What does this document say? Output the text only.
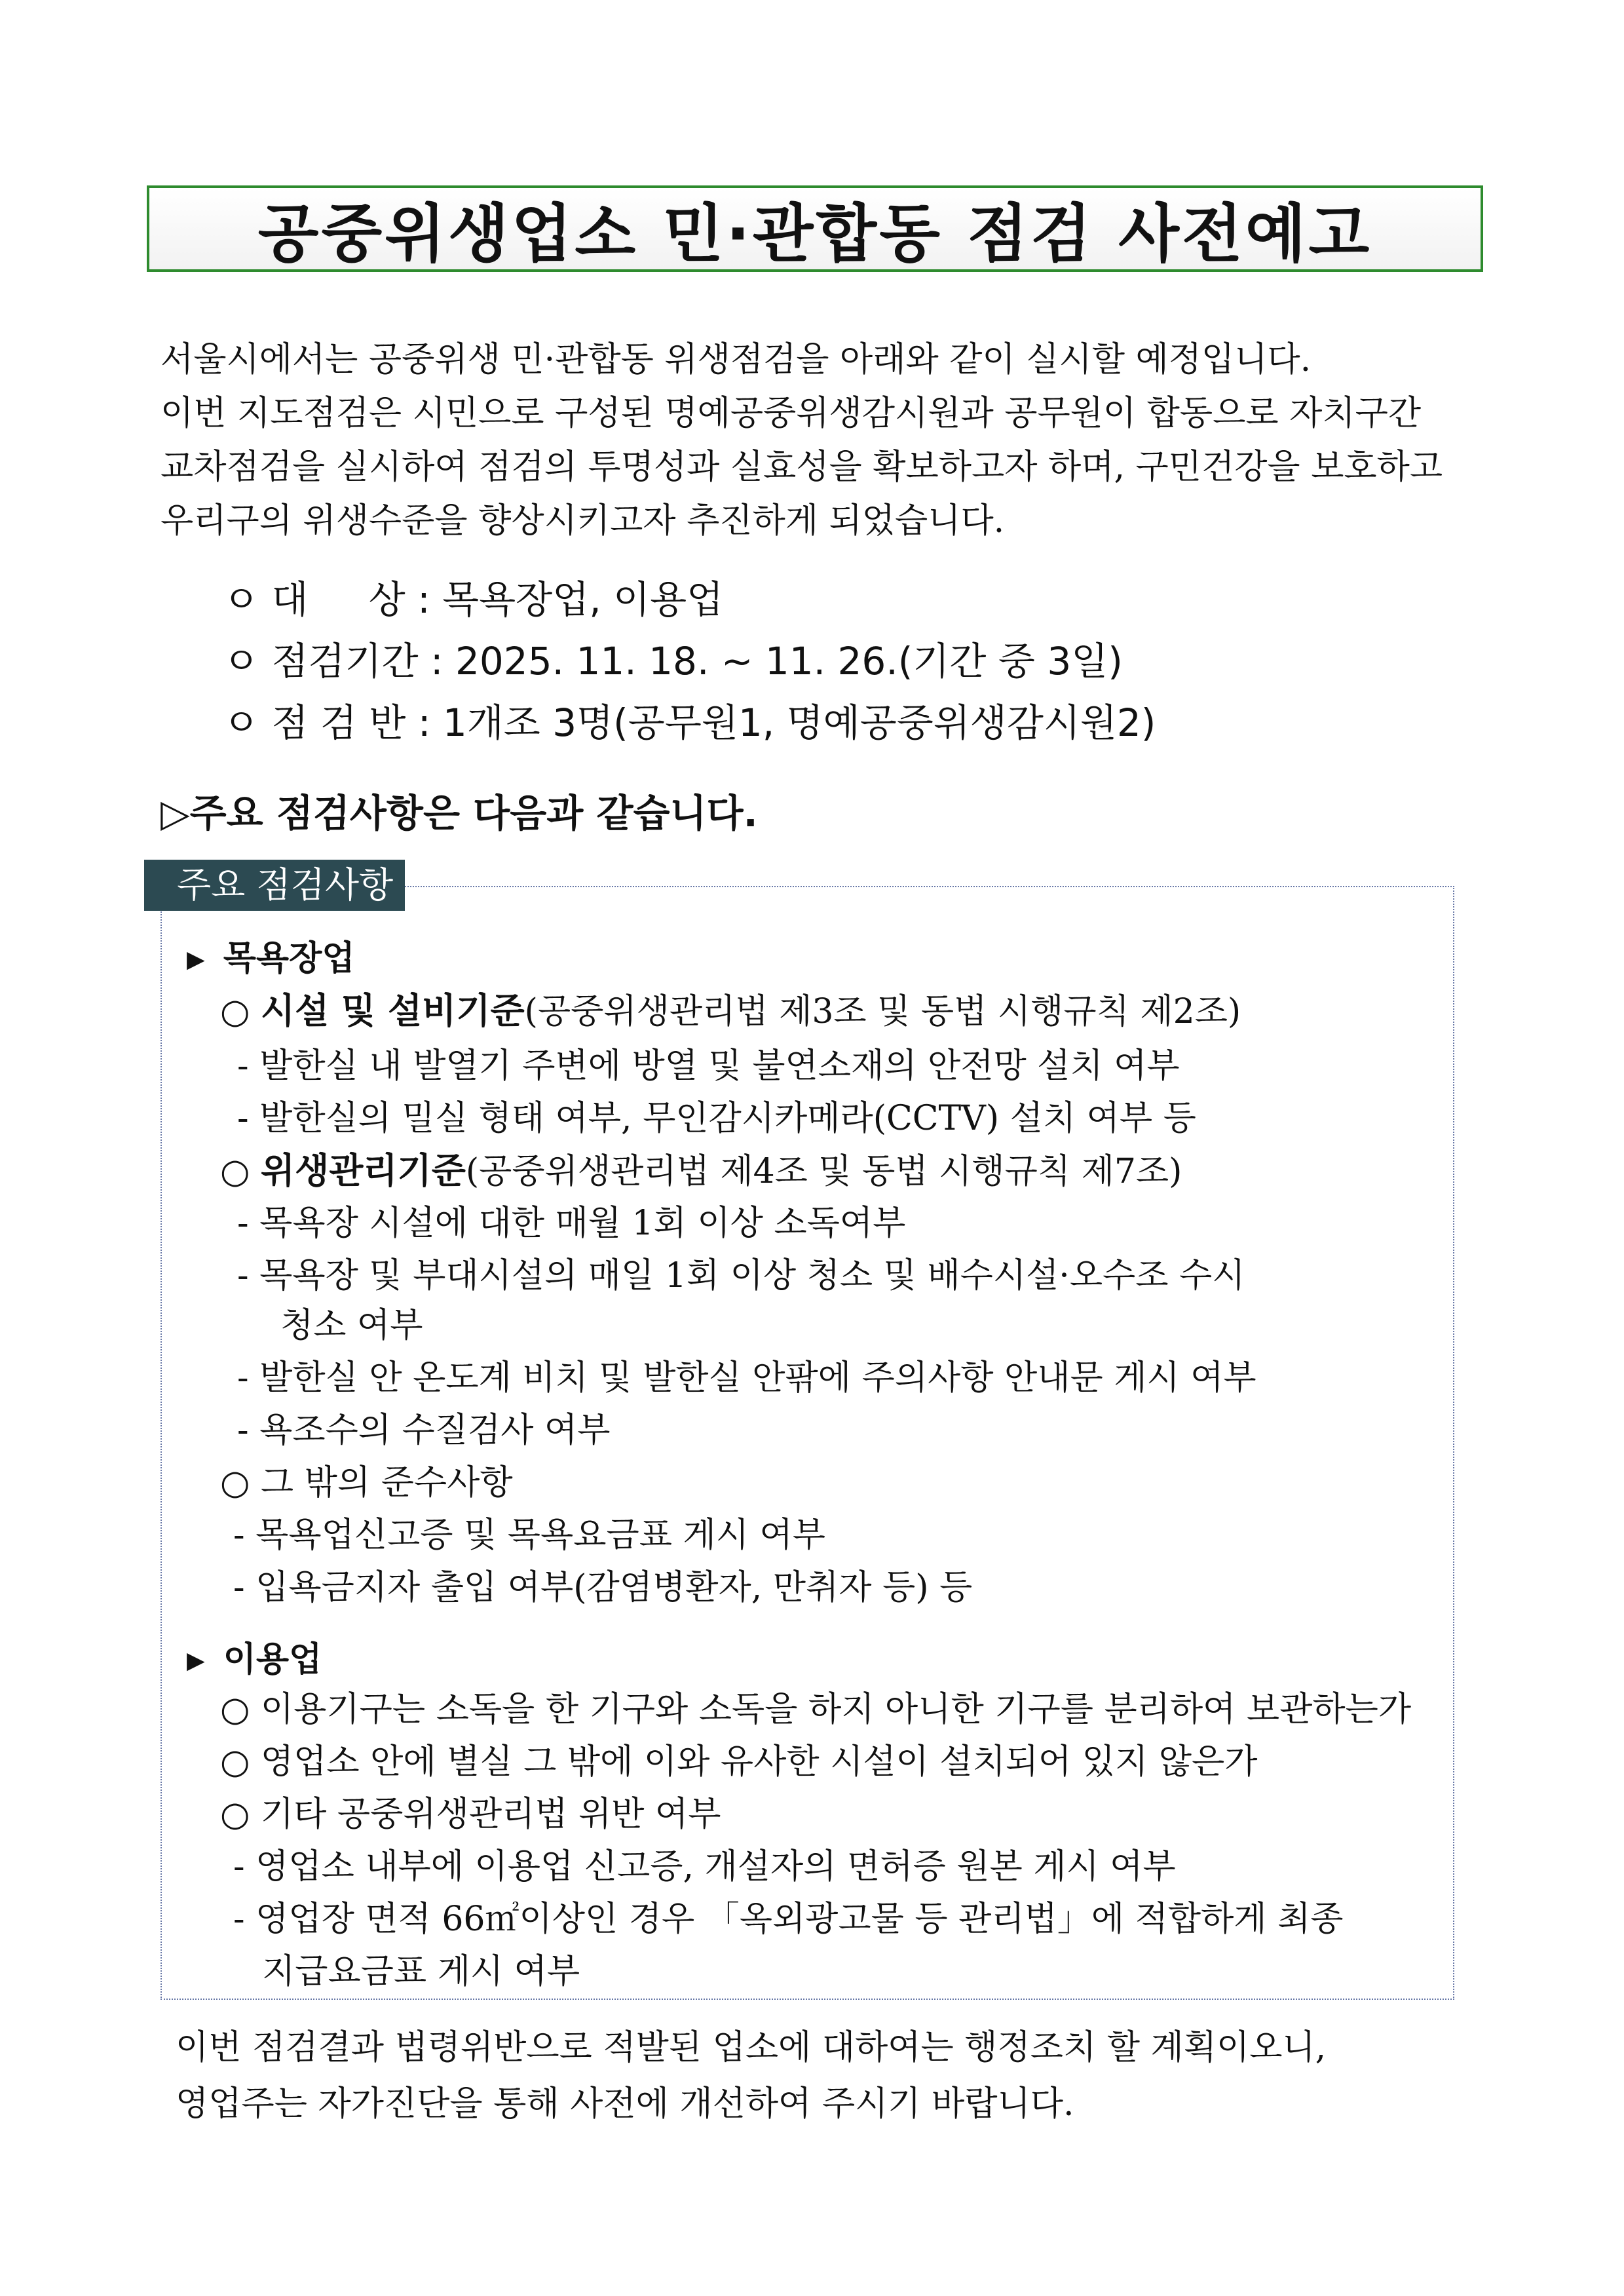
공중위생업소 민·관합동 점검 사전예고

서울시에서는 공중위생 민·관합동 위생점검을 아래와 같이 실시할 예정입니다.
이번 지도점검은 시민으로 구성된 명예공중위생감시원과 공무원이 합동으로 자치구간
교차점검을 실시하여 점검의 투명성과 실효성을 확보하고자 하며, 구민건강을 보호하고
우리구의 위생수준을 향상시키고자 추진하게 되었습니다.

ㅇ 대     상 : 목욕장업, 이용업
ㅇ 점검기간 : 2025. 11. 18. ~ 11. 26.(기간 중 3일)
ㅇ 점 검 반 : 1개조 3명(공무원1, 명예공중위생감시원2)
▷주요 점검사항은 다음과 같습니다.
주요 점검사항
▶ 목욕장업
○ 시설 및 설비기준(공중위생관리법 제3조 및 동법 시행규칙 제2조)
- 발한실 내 발열기 주변에 방열 및 불연소재의 안전망 설치 여부
- 발한실의 밀실 형태 여부, 무인감시카메라(CCTV) 설치 여부 등
○ 위생관리기준(공중위생관리법 제4조 및 동법 시행규칙 제7조)
- 목욕장 시설에 대한 매월 1회 이상 소독여부
- 목욕장 및 부대시설의 매일 1회 이상 청소 및 배수시설·오수조 수시
청소 여부
- 발한실 안 온도계 비치 및 발한실 안팎에 주의사항 안내문 게시 여부
- 욕조수의 수질검사 여부
○ 그 밖의 준수사항
- 목욕업신고증 및 목욕요금표 게시 여부
- 입욕금지자 출입 여부(감염병환자, 만취자 등) 등
▶ 이용업
○ 이용기구는 소독을 한 기구와 소독을 하지 아니한 기구를 분리하여 보관하는가
○ 영업소 안에 별실 그 밖에 이와 유사한 시설이 설치되어 있지 않은가
○ 기타 공중위생관리법 위반 여부
- 영업소 내부에 이용업 신고증, 개설자의 면허증 원본 게시 여부
- 영업장 면적 66㎡이상인 경우 「옥외광고물 등 관리법」에 적합하게 최종
지급요금표 게시 여부

이번 점검결과 법령위반으로 적발된 업소에 대하여는 행정조치 할 계획이오니,
영업주는 자가진단을 통해 사전에 개선하여 주시기 바랍니다.
